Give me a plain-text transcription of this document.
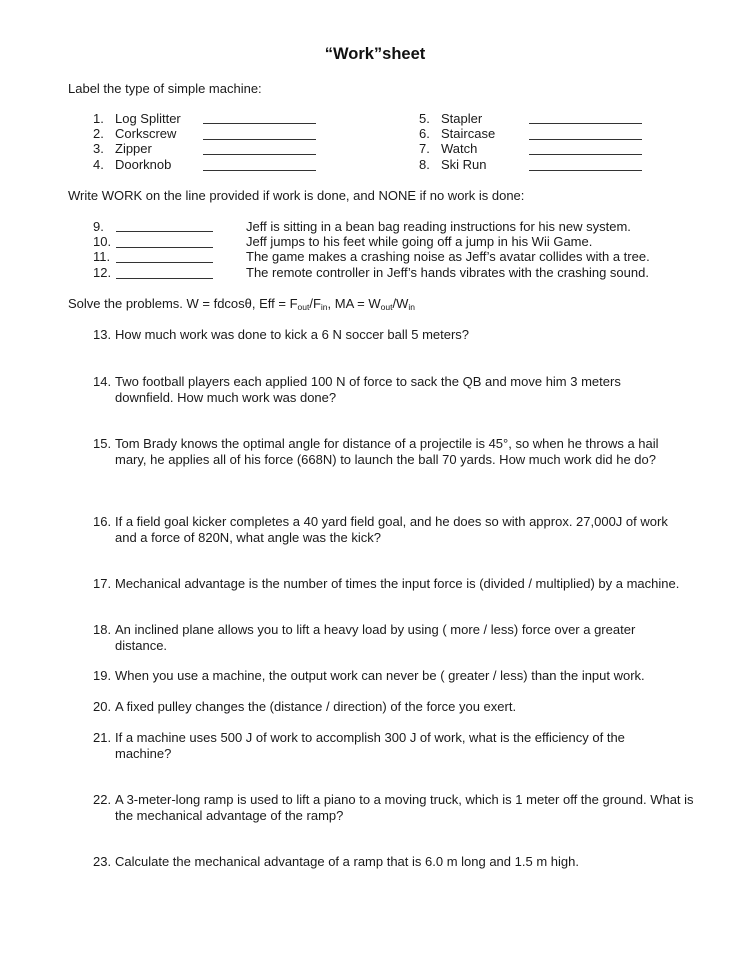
“Work”sheet
Label the type of simple machine:
1. Log Splitter
2. Corkscrew
3. Zipper
4. Doorknob
5. Stapler
6. Staircase
7. Watch
8. Ski Run
Write WORK on the line provided if work is done, and NONE if no work is done:
9.	Jeff is sitting in a bean bag reading instructions for his new system.
10.	Jeff jumps to his feet while going off a jump in his Wii Game.
11.	The game makes a crashing noise as Jeff’s avatar collides with a tree.
12.	The remote controller in Jeff’s hands vibrates with the crashing sound.
Solve the problems. W = fdcosθ, Eff = $F_{out}/F_{in}$, MA = $W_{out}/W_{in}$
13. How much work was done to kick a 6 N soccer ball 5 meters?
14. Two football players each applied 100 N of force to sack the QB and move him 3 meters downfield. How much work was done?
15. Tom Brady knows the optimal angle for distance of a projectile is 45°, so when he throws a hail mary, he applies all of his force (668N) to launch the ball 70 yards. How much work did he do?
16. If a field goal kicker completes a 40 yard field goal, and he does so with approx. 27,000J of work and a force of 820N, what angle was the kick?
17. Mechanical advantage is the number of times the input force is (divided / multiplied) by a machine.
18. An inclined plane allows you to lift a heavy load by using ( more / less) force over a greater distance.
19. When you use a machine, the output work can never be ( greater / less) than the input work.
20. A fixed pulley changes the (distance / direction) of the force you exert.
21. If a machine uses 500 J of work to accomplish 300 J of work, what is the efficiency of the machine?
22. A 3-meter-long ramp is used to lift a piano to a moving truck, which is 1 meter off the ground. What is the mechanical advantage of the ramp?
23. Calculate the mechanical advantage of a ramp that is 6.0 m long and 1.5 m high.
